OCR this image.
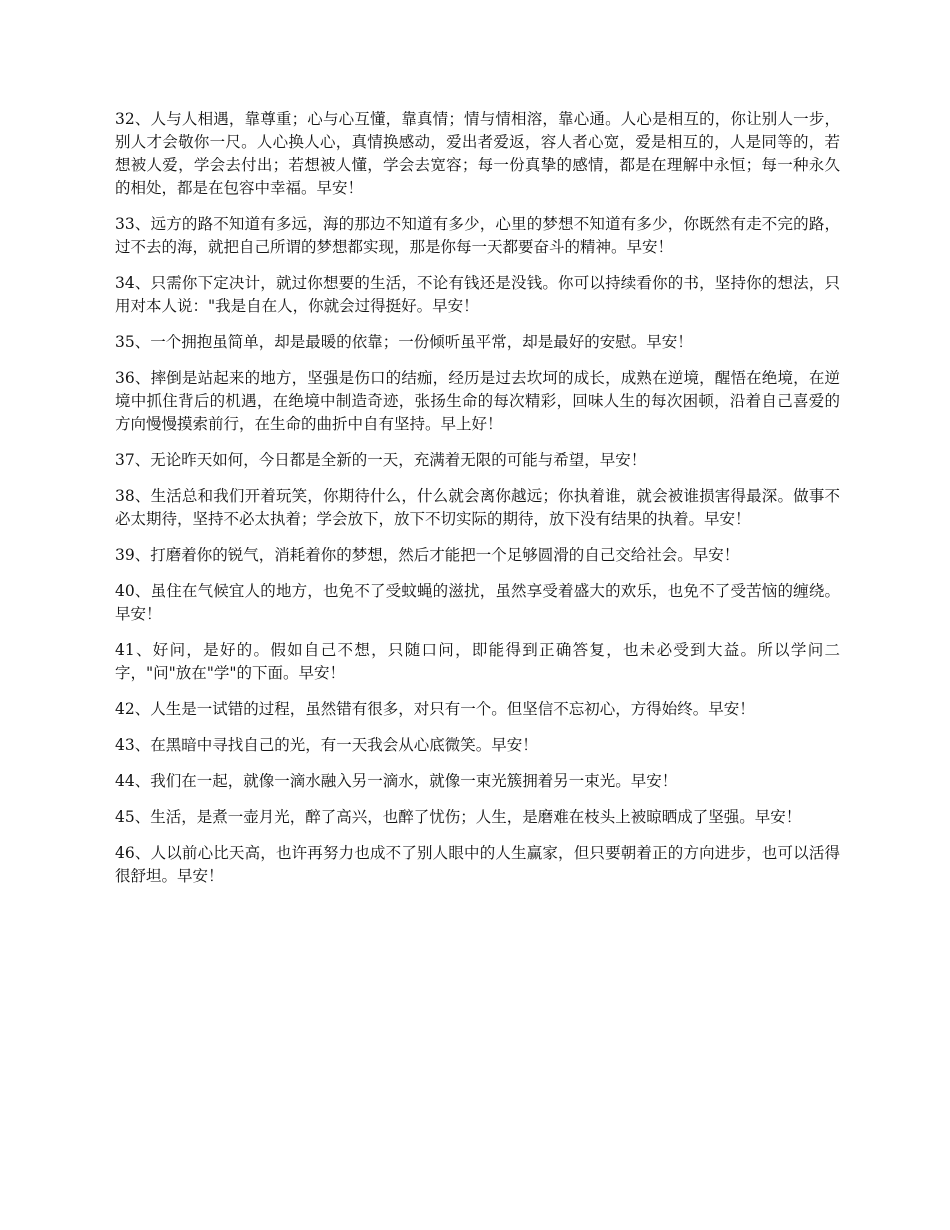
32、人与人相遇，靠尊重；心与心互懂，靠真情；情与情相溶，靠心通。人心是相互的，你让别人一步，别人才会敬你一尺。人心换人心，真情换感动，爱出者爱返，容人者心宽，爱是相互的，人是同等的，若想被人爱，学会去付出；若想被人懂，学会去宽容；每一份真挚的感情，都是在理解中永恒；每一种永久的相处，都是在包容中幸福。早安！

33、远方的路不知道有多远，海的那边不知道有多少，心里的梦想不知道有多少，你既然有走不完的路，过不去的海，就把自己所谓的梦想都实现，那是你每一天都要奋斗的精神。早安！

34、只需你下定决计，就过你想要的生活，不论有钱还是没钱。你可以持续看你的书，坚持你的想法，只用对本人说："我是自在人，你就会过得挺好。早安！

35、一个拥抱虽简单，却是最暖的依靠；一份倾听虽平常，却是最好的安慰。早安！

36、摔倒是站起来的地方，坚强是伤口的结痂，经历是过去坎坷的成长，成熟在逆境，醒悟在绝境，在逆境中抓住背后的机遇，在绝境中制造奇迹，张扬生命的每次精彩，回味人生的每次困顿，沿着自己喜爱的方向慢慢摸索前行，在生命的曲折中自有坚持。早上好！

37、无论昨天如何，今日都是全新的一天，充满着无限的可能与希望，早安！

38、生活总和我们开着玩笑，你期待什么，什么就会离你越远；你执着谁，就会被谁损害得最深。做事不必太期待，坚持不必太执着；学会放下，放下不切实际的期待，放下没有结果的执着。早安！

39、打磨着你的锐气，消耗着你的梦想，然后才能把一个足够圆滑的自己交给社会。早安！

40、虽住在气候宜人的地方，也免不了受蚊蝇的滋扰，虽然享受着盛大的欢乐，也免不了受苦恼的缠绕。早安！

41、好问，是好的。假如自己不想，只随口问，即能得到正确答复，也未必受到大益。所以学问二字，"问"放在"学"的下面。早安！

42、人生是一试错的过程，虽然错有很多，对只有一个。但坚信不忘初心，方得始终。早安！

43、在黑暗中寻找自己的光，有一天我会从心底微笑。早安！

44、我们在一起，就像一滴水融入另一滴水，就像一束光簇拥着另一束光。早安！

45、生活，是煮一壶月光，醉了高兴，也醉了忧伤；人生，是磨难在枝头上被晾晒成了坚强。早安！

46、人以前心比天高，也许再努力也成不了别人眼中的人生赢家，但只要朝着正的方向进步，也可以活得很舒坦。早安！
